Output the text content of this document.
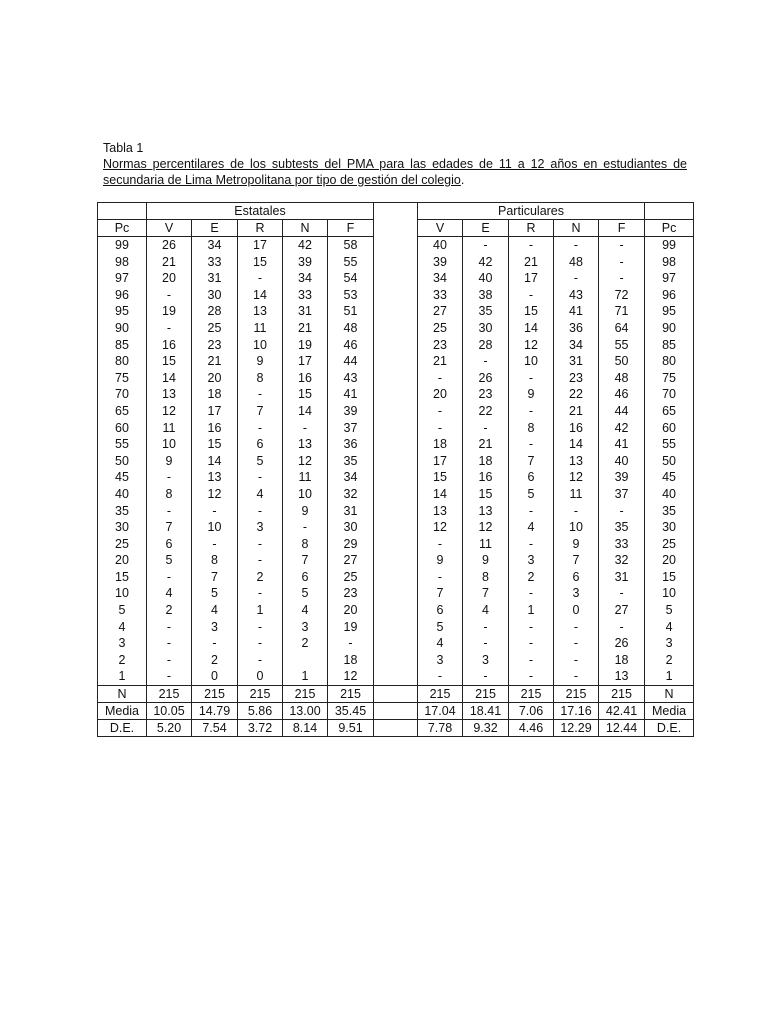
Tabla 1
Normas percentilares de los subtests del PMA para las edades de 11 a 12 años en estudiantes de secundaria de Lima Metropolitana por tipo de gestión del colegio.
	Estatales						Particulares					
Pc	V	E	R	N	F		V	E	R	N	F	Pc
99	26	34	17	42	58		40	-	-	-	-	99
98	21	33	15	39	55		39	42	21	48	-	98
97	20	31	-	34	54		34	40	17	-	-	97
96	-	30	14	33	53		33	38	-	43	72	96
95	19	28	13	31	51		27	35	15	41	71	95
90	-	25	11	21	48		25	30	14	36	64	90
85	16	23	10	19	46		23	28	12	34	55	85
80	15	21	9	17	44		21	-	10	31	50	80
75	14	20	8	16	43		-	26	-	23	48	75
70	13	18	-	15	41		20	23	9	22	46	70
65	12	17	7	14	39		-	22	-	21	44	65
60	11	16	-	-	37		-	-	8	16	42	60
55	10	15	6	13	36		18	21	-	14	41	55
50	9	14	5	12	35		17	18	7	13	40	50
45	-	13	-	11	34		15	16	6	12	39	45
40	8	12	4	10	32		14	15	5	11	37	40
35	-	-	-	9	31		13	13	-	-	-	35
30	7	10	3	-	30		12	12	4	10	35	30
25	6	-	-	8	29		-	11	-	9	33	25
20	5	8	-	7	27		9	9	3	7	32	20
15	-	7	2	6	25		-	8	2	6	31	15
10	4	5	-	5	23		7	7	-	3	-	10
5	2	4	1	4	20		6	4	1	0	27	5
4	-	3	-	3	19		5	-	-	-	-	4
3	-	-	-	2	-		4	-	-	-	26	3
2	-	2	-		18		3	3	-	-	18	2
1	-	0	0	1	12		-	-	-	-	13	1
N	215	215	215	215	215		215	215	215	215	215	N
Media	10.05	14.79	5.86	13.00	35.45		17.04	18.41	7.06	17.16	42.41	Media
D.E.	5.20	7.54	3.72	8.14	9.51		7.78	9.32	4.46	12.29	12.44	D.E.
